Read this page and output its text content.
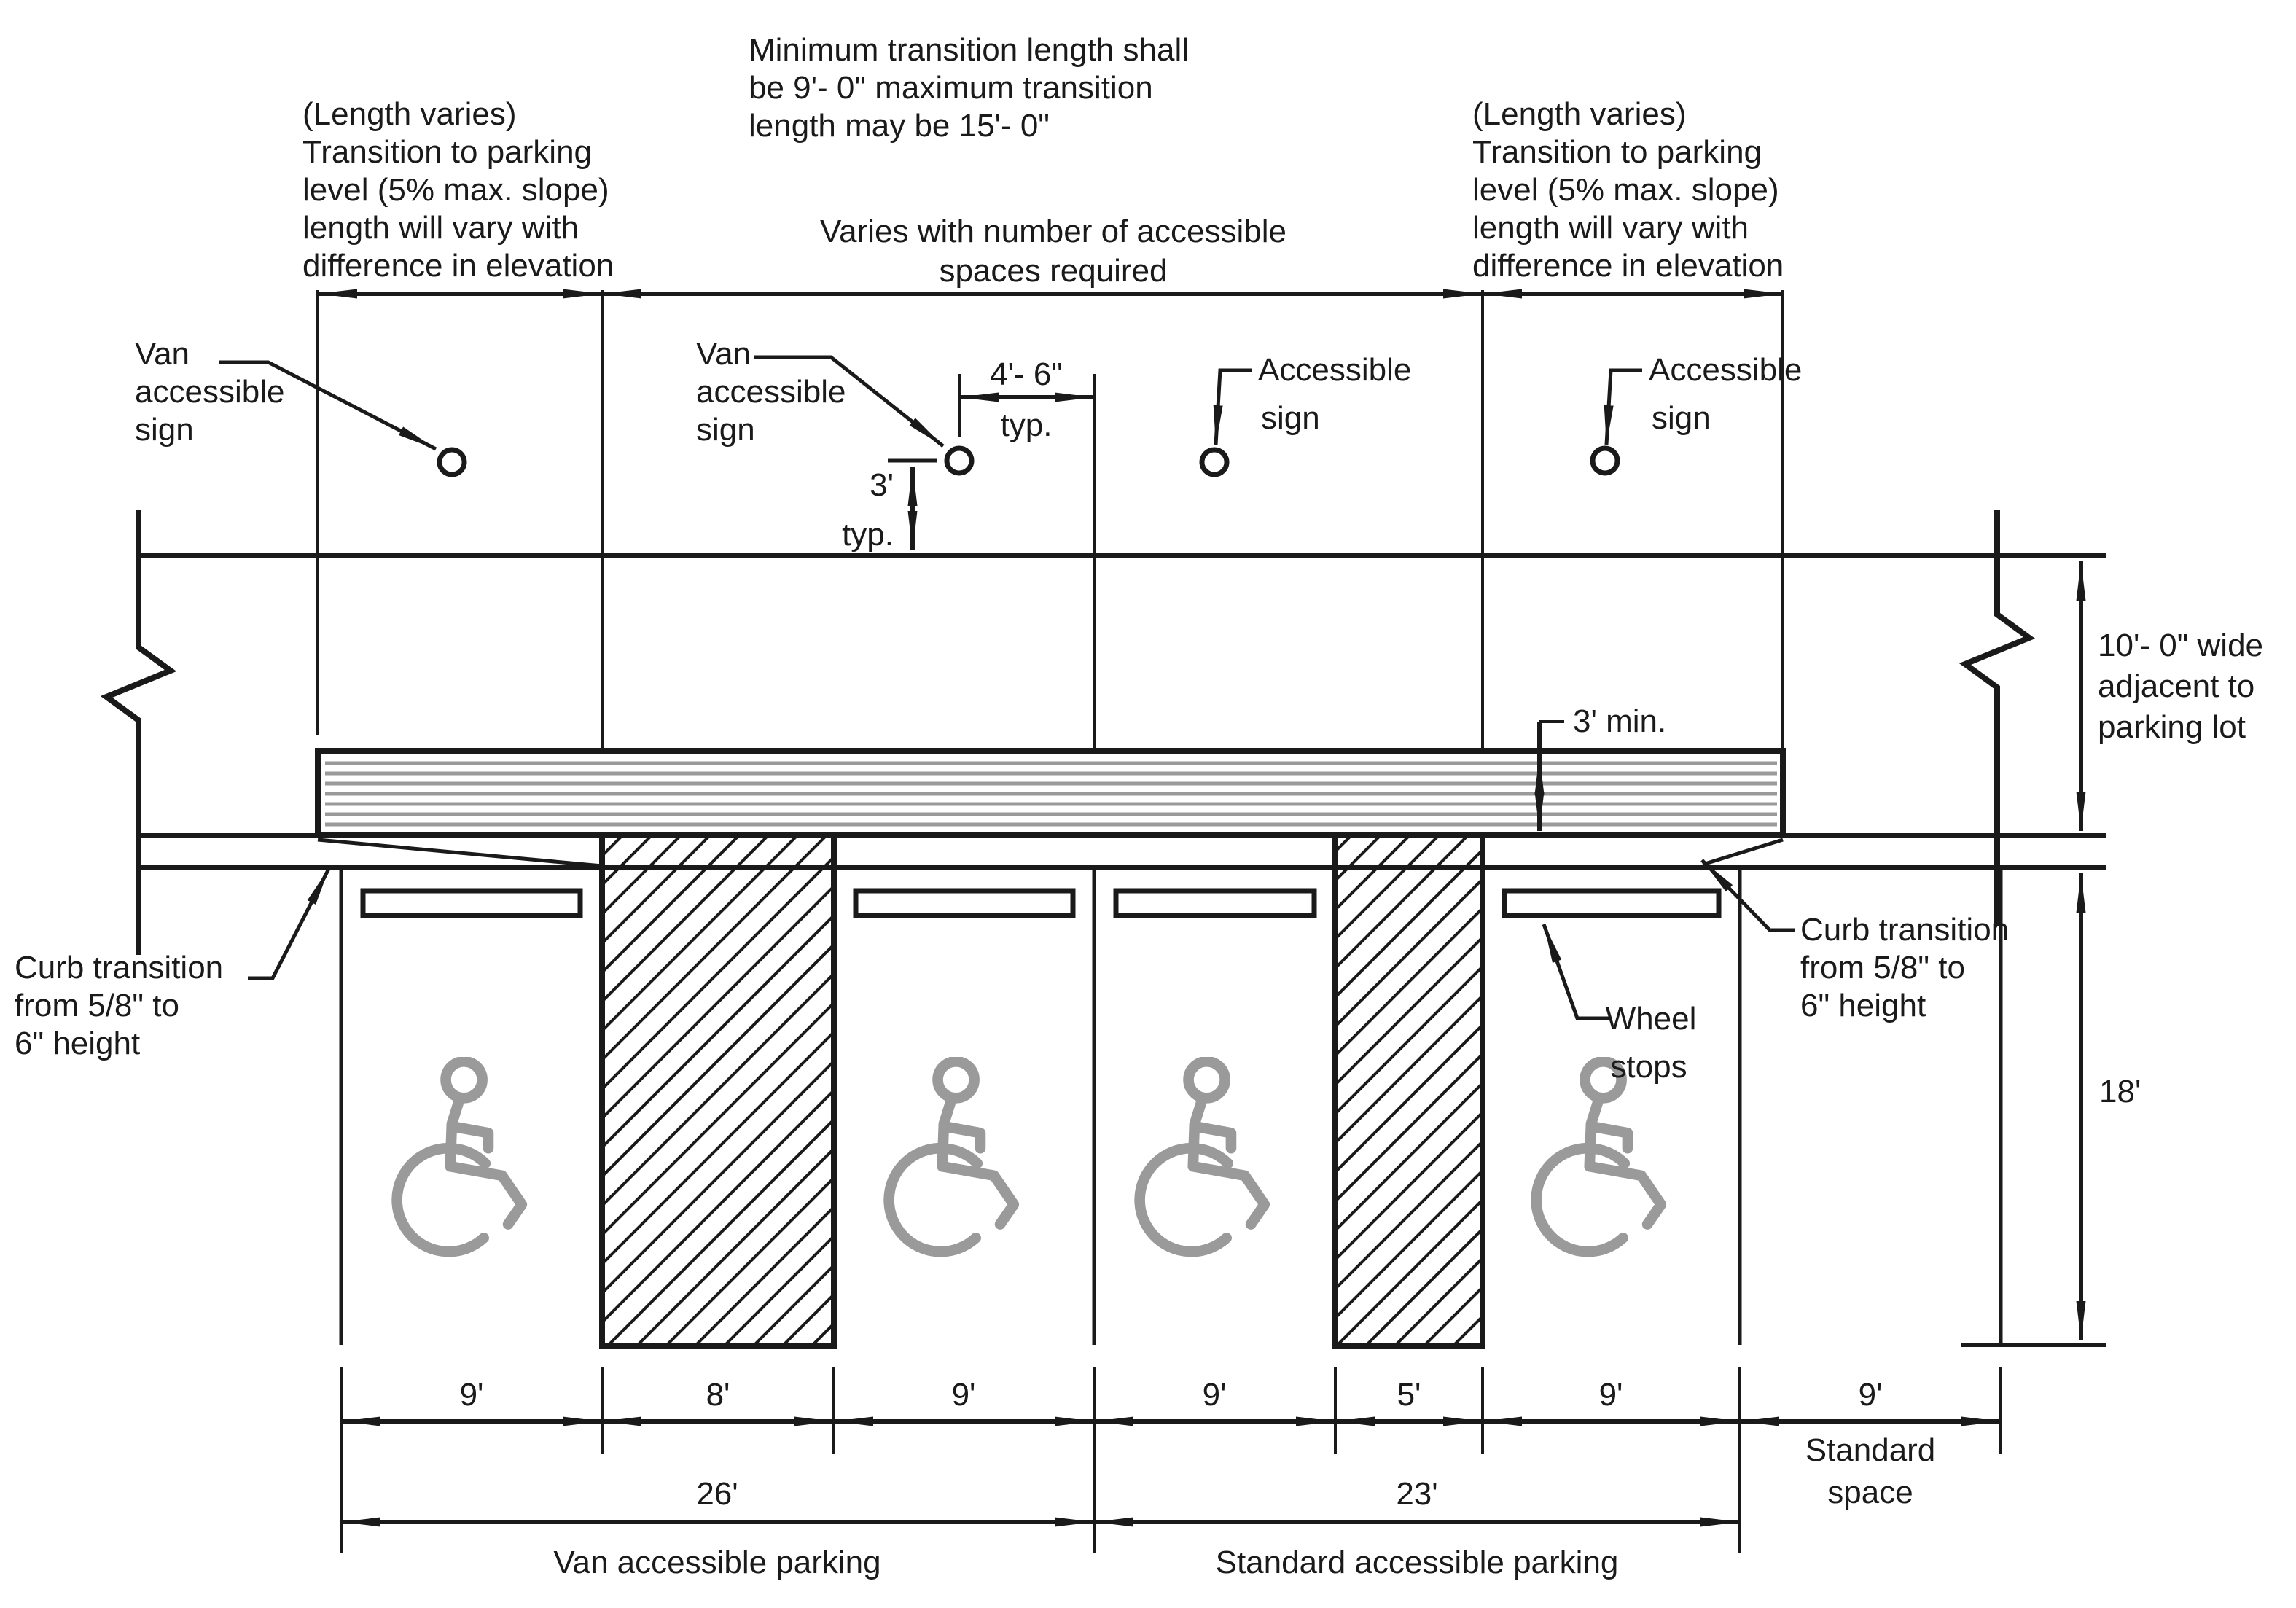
(Length varies)
Transition to parking
level (5% max. slope)
length will vary with
difference in elevation
Minimum transition length shall
be 9'- 0" maximum transition
length may be 15'- 0"
Varies with number of accessible
spaces required
(Length varies)
Transition to parking
level (5% max. slope)
length will vary with
difference in elevation
Van
accessible
sign
Van
accessible
sign
Accessible
sign
Accessible
sign
4'- 6"
typ.
3'
typ.
3' min.
10'- 0" wide
adjacent to
parking lot
18'
Curb transition
from 5/8" to
6" height
Curb transition
from 5/8" to
6" height
Wheel
stops
9'	8'	9'	9'	5'	9'	9'
Standard
space
26'	23'
Van accessible parking	Standard accessible parking
